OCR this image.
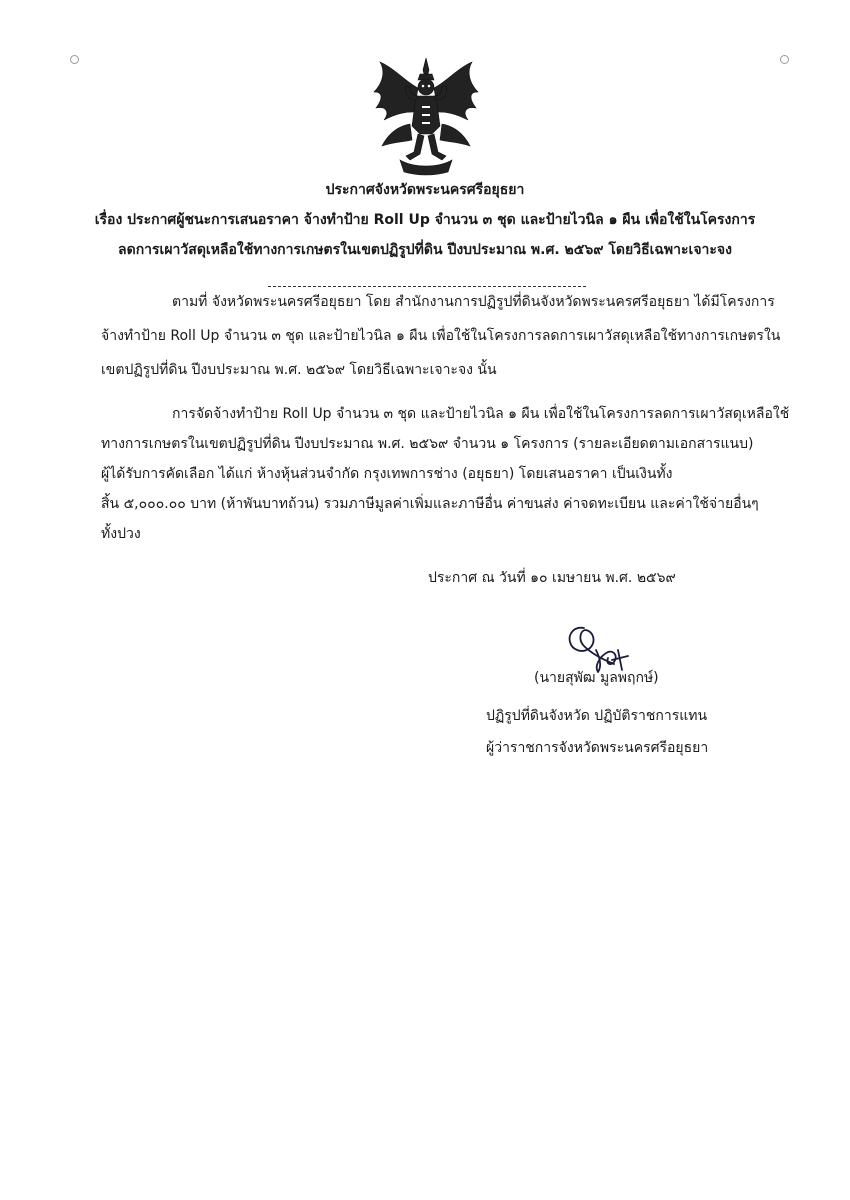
ประกาศจังหวัดพระนครศรีอยุธยา
เรื่อง ประกาศผู้ชนะการเสนอราคา จ้างทำป้าย Roll Up จำนวน ๓ ชุด และป้ายไวนิล ๑ ผืน เพื่อใช้ในโครงการ
ลดการเผาวัสดุเหลือใช้ทางการเกษตรในเขตปฏิรูปที่ดิน ปีงบประมาณ พ.ศ. ๒๕๖๙ โดยวิธีเฉพาะเจาะจง
ตามที่ จังหวัดพระนครศรีอยุธยา โดย สำนักงานการปฏิรูปที่ดินจังหวัดพระนครศรีอยุธยา ได้มีโครงการ
จ้างทำป้าย Roll Up จำนวน ๓ ชุด และป้ายไวนิล ๑ ผืน เพื่อใช้ในโครงการลดการเผาวัสดุเหลือใช้ทางการเกษตรใน
เขตปฏิรูปที่ดิน ปีงบประมาณ พ.ศ. ๒๕๖๙ โดยวิธีเฉพาะเจาะจง นั้น
การจัดจ้างทำป้าย Roll Up จำนวน ๓ ชุด และป้ายไวนิล ๑ ผืน เพื่อใช้ในโครงการลดการเผาวัสดุเหลือใช้
ทางการเกษตรในเขตปฏิรูปที่ดิน ปีงบประมาณ พ.ศ. ๒๕๖๙ จำนวน ๑ โครงการ (รายละเอียดตามเอกสารแนบ)
ผู้ได้รับการคัดเลือก ได้แก่ ห้างหุ้นส่วนจำกัด กรุงเทพการช่าง (อยุธยา) โดยเสนอราคา เป็นเงินทั้ง
สิ้น ๕,๐๐๐.๐๐ บาท (ห้าพันบาทถ้วน) รวมภาษีมูลค่าเพิ่มและภาษีอื่น ค่าขนส่ง ค่าจดทะเบียน และค่าใช้จ่ายอื่นๆ
ทั้งปวง
ประกาศ ณ วันที่ ๑๐ เมษายน พ.ศ. ๒๕๖๙
(นายสุพัฒ มูลพฤกษ์)
ปฏิรูปที่ดินจังหวัด ปฏิบัติราชการแทน
ผู้ว่าราชการจังหวัดพระนครศรีอยุธยา
